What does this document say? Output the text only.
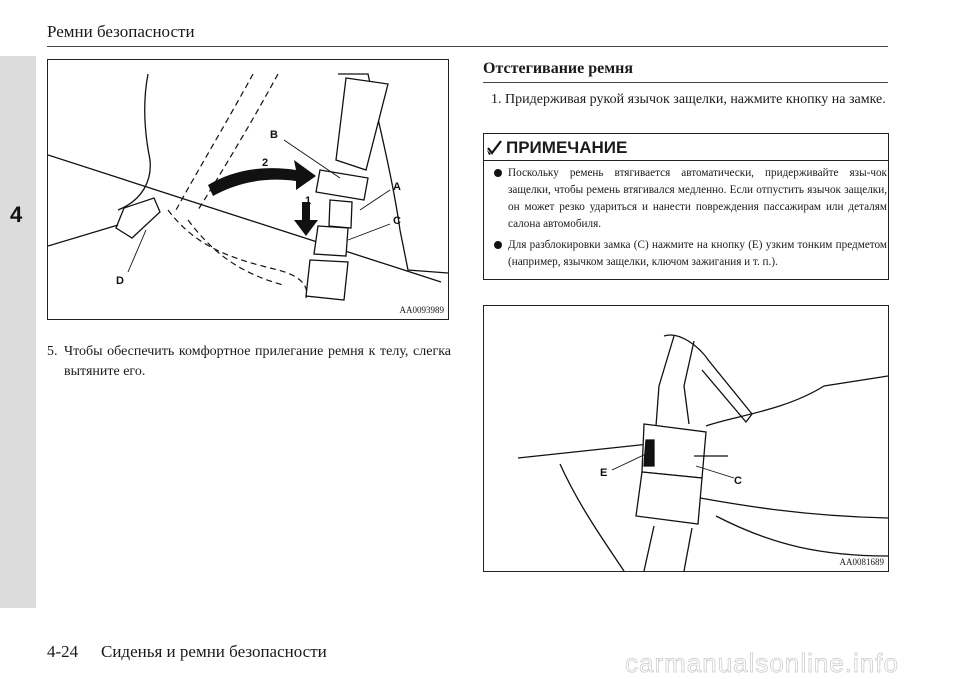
4
Ремни безопасности
B
2
A
1
C
D
AA0093989
5. Чтобы обеспечить комфортное прилегание ремня к телу, слегка вытяните его.
Отстегивание ремня
1. Придерживая рукой язычок защелки, нажмите кнопку на замке.
ПРИМЕЧАНИЕ
Поскольку ремень втягивается автоматически, придерживайте язы-чок защелки, чтобы ремень втягивался медленно. Если отпустить язычок защелки, он может резко удариться и нанести повреждения пассажирам или деталям салона автомобиля.
Для разблокировки замка (C) нажмите на кнопку (E) узким тонким предметом (например, язычком защелки, ключом зажигания и т. п.).
E
C
AA0081689
4-24 Сиденья и ремни безопасности	carmanualsonline.info
